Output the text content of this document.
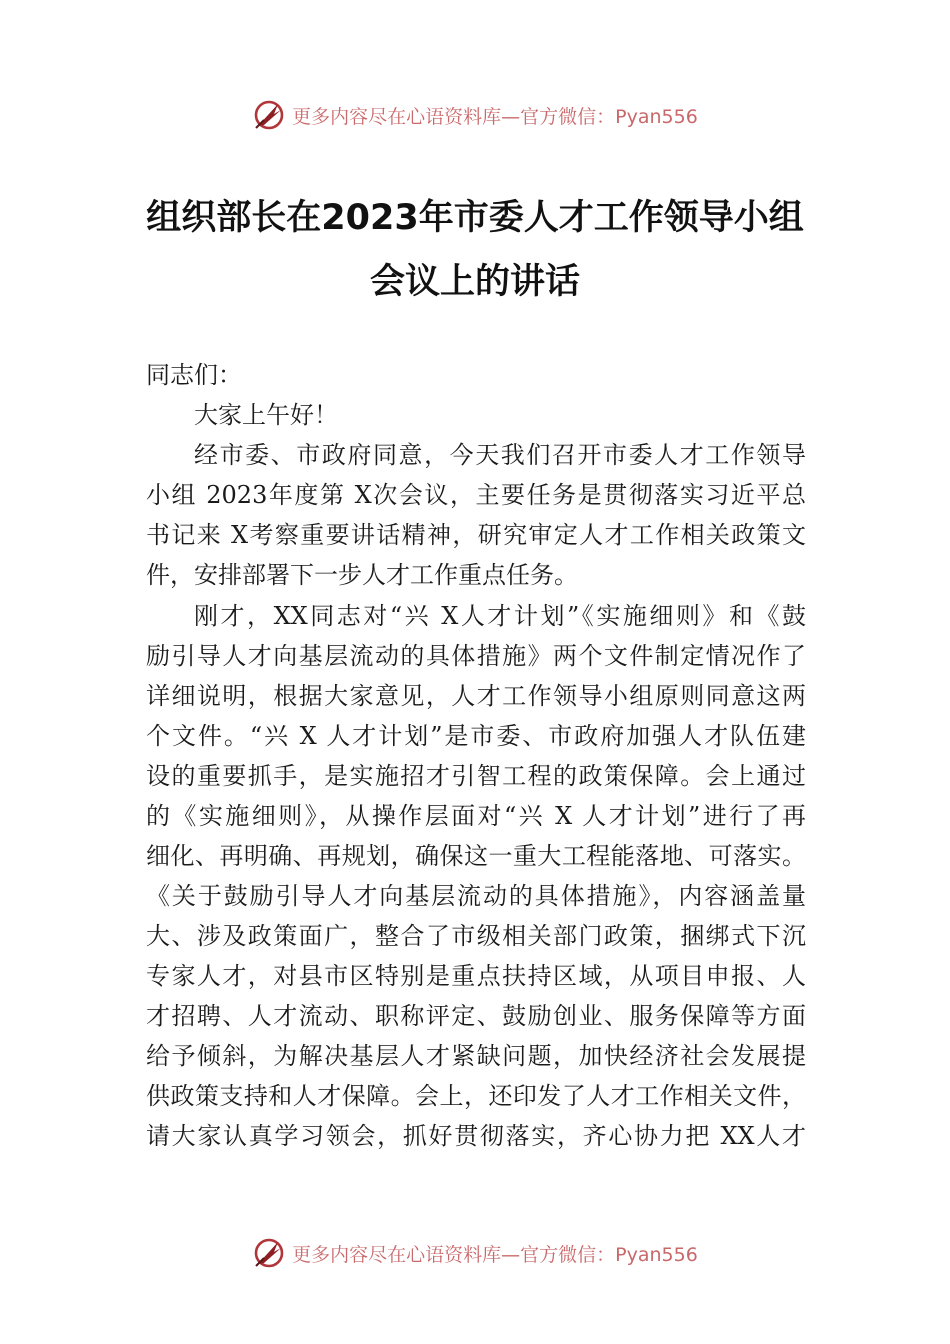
更多内容尽在心语资料库—官方微信：Pyan556
组织部长在2023年市委人才工作领导小组
会议上的讲话
同志们：
大家上午好！
经市委、市政府同意，今天我们召开市委人才工作领导
小组 2023年度第 X次会议，主要任务是贯彻落实习近平总
书记来 X考察重要讲话精神，研究审定人才工作相关政策文
件，安排部署下一步人才工作重点任务。
刚才，XX同志对“兴 X人才计划”《实施细则》和《鼓
励引导人才向基层流动的具体措施》两个文件制定情况作了
详细说明，根据大家意见，人才工作领导小组原则同意这两
个文件。“兴 X 人才计划”是市委、市政府加强人才队伍建
设的重要抓手，是实施招才引智工程的政策保障。会上通过
的《实施细则》，从操作层面对“兴 X 人才计划”进行了再
细化、再明确、再规划，确保这一重大工程能落地、可落实。
《关于鼓励引导人才向基层流动的具体措施》，内容涵盖量
大、涉及政策面广，整合了市级相关部门政策，捆绑式下沉
专家人才，对县市区特别是重点扶持区域，从项目申报、人
才招聘、人才流动、职称评定、鼓励创业、服务保障等方面
给予倾斜，为解决基层人才紧缺问题，加快经济社会发展提
供政策支持和人才保障。会上，还印发了人才工作相关文件，
请大家认真学习领会，抓好贯彻落实，齐心协力把 XX人才
更多内容尽在心语资料库—官方微信：Pyan556
